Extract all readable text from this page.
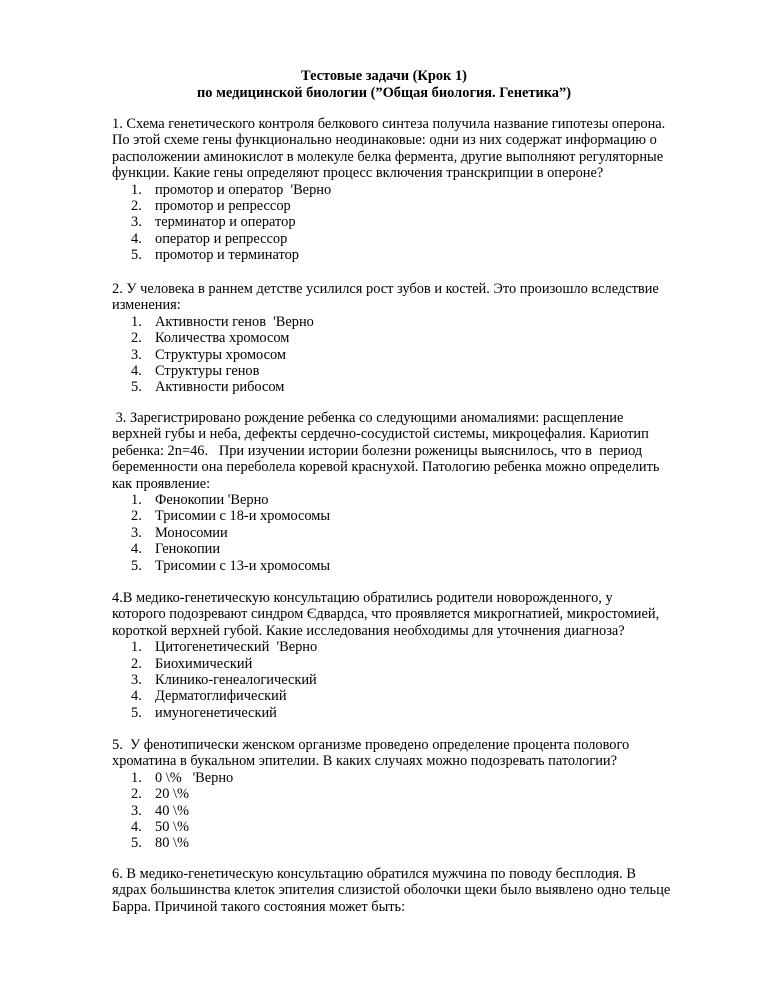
Тестовые задачи (Крок 1)
по медицинской биологии (”Общая биология. Генетика”)
1. Схема генетического контроля белкового синтеза получила название гипотезы оперона.
По этой схеме гены функционально неодинаковые: одни из них содержат информацию о
расположении аминокислот в молекуле белка фермента, другие выполняют регуляторные
функции. Какие гены определяют процесс включения транскрипции в опероне?
1. промотор и оператор  'Верно
2. промотор и репрессор
3. терминатор и оператор
4. оператор и репрессор
5. промотор и терминатор
2. У человека в раннем детстве усилился рост зубов и костей. Это произошло вследствие
изменения:
1. Активности генов  'Верно
2. Количества хромосом
3. Структуры хромосом
4. Структуры генов
5. Активности рибосом
3. Зарегистрировано рождение ребенка со следующими аномалиями: расщепление
верхней губы и неба, дефекты сердечно-сосудистой системы, микроцефалия. Кариотип
ребенка: 2n=46.   При изучении истории болезни роженицы выяснилось, что в  период
беременности она переболела коревой краснухой. Патологию ребенка можно определить
как проявление:
1. Фенокопии 'Верно
2. Трисомии с 18-и хромосомы
3. Моносомии
4. Генокопии
5. Трисомии с 13-и хромосомы
4.В медико-генетическую консультацию обратились родители новорожденного, у
которого подозревают синдром Єдвардса, что проявляется микрогнатией, микростомией,
короткой верхней губой. Какие исследования необходимы для уточнения диагноза?
1. Цитогенетический  'Верно
2. Биохимический
3. Клинико-генеалогический
4. Дерматоглифический
5. имуногенетический
5.  У фенотипически женском организме проведено определение процента полового
хроматина в букальном эпителии. В каких случаях можно подозревать патологии?
1. 0 \%   'Верно
2. 20 \%
3. 40 \%
4. 50 \%
5. 80 \%
6. В медико-генетическую консультацию обратился мужчина по поводу бесплодия. В
ядрах большинства клеток эпителия слизистой оболочки щеки было выявлено одно тельце
Барра. Причиной такого состояния может быть:
